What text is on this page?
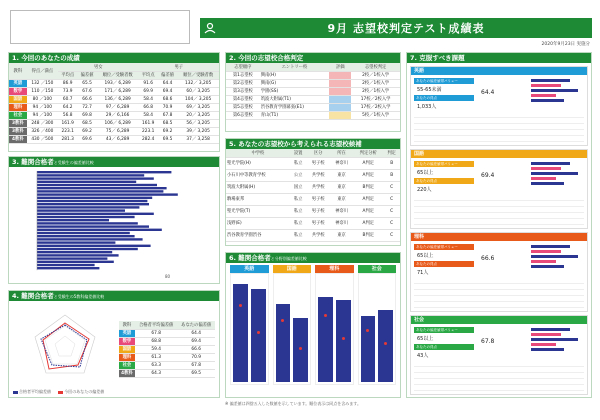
9月 志望校判定テスト成績表
2020年9月23日 実施分
1. 今回のあなたの成績
教科	得点／満点	男女			男子		
		平均点	偏差値	順位／受験者数	平均点	偏差値	順位／受験者数
英語	132 ／150	86.9	65.5	193／ 6,289	91.6	64.4	132／ 3,205
数学	110 ／150	73.9	67.6	171／ 6,289	69.9	69.4	60／ 3,205
国語	80 ／100	60.7	66.6	136／ 6,289	58.4	68.6	104／ 3,205
理科	94 ／100	64.2	72.7	97／ 6,289	66.8	70.9	69／ 3,205
社会	94 ／100	56.8	69.8	29／ 6,166	58.4	67.8	20／ 3,205
3教科	248 ／300	161.9	68.5	106／ 6,289	161.9	68.5	56／ 3,205
3教科	326 ／400	223.1	69.2	75／ 6,289	223.1	69.2	39／ 3,205
4教科	430 ／500	281.3	69.6	43／ 6,289	282.4	69.5	37／ 3,258
3. 難関合格者と受験生の偏差値比較
80
4. 難関合格者と受験生の5教科偏差値比較
教科	合格者平均偏差値	あなたの偏差値
英語	67.8	64.4
数学	68.8	69.4
国語	59.4	66.6
理科	61.3	70.9
社会	63.3	67.8
4教科	64.3	69.5
合格者平均偏差値	今回のあなたの偏差値
2. 今回の志望校合格判定
志望順序	エントリー校	評価	志望校判定
第1志望校	興南(H)		2校／1校入学
第2志望校	興南(G)		2校／1校入学
第3志望校	学園(SS)		2校／1校入学
第4志望校	筑波大附属(T1)		17校／2校入学
第5志望校	渋谷教育学園幕張(E1)		17校／2校入学
第6志望校	青山(T1)		5校／1校入学
5. あなたの志望校から考えられる志望校候補
中学校	設置	区分	所在	判定分析	判定
聖光学院(H)	私立	男子校	神奈川	A判定	B
小石川中等教育学校	公立	共学校	東京	A判定	B
筑波大附属(H)	国立	共学校	東京	B判定	C
駒場東邦	私立	男子校	東京	A判定	C
聖光学院(T)	私立	男子校	神奈川	A判定	C
浅野(E)	私立	男子校	神奈川	A判定	C
渋谷教育学園渋谷	私立	共学校	東京	B判定	C
6. 難関合格者と分野別偏差値比較
英語	国語	理科	社会
7. 克服すべき課題
英語
あなたの偏差値帯バリュー
55-65未満
あなたの得点
1,033人
64.4
国語
あなたの偏差値帯バリュー
65以上
あなたの得点
220人
69.4
理科
あなたの偏差値帯バリュー
65以上
あなたの得点
71人
66.6
社会
あなたの偏差値帯バリュー
65以上
あなたの得点
43人
67.8
※ 偏差値は四捨五入した数値を示しています。順位表示は同点を含みます。
